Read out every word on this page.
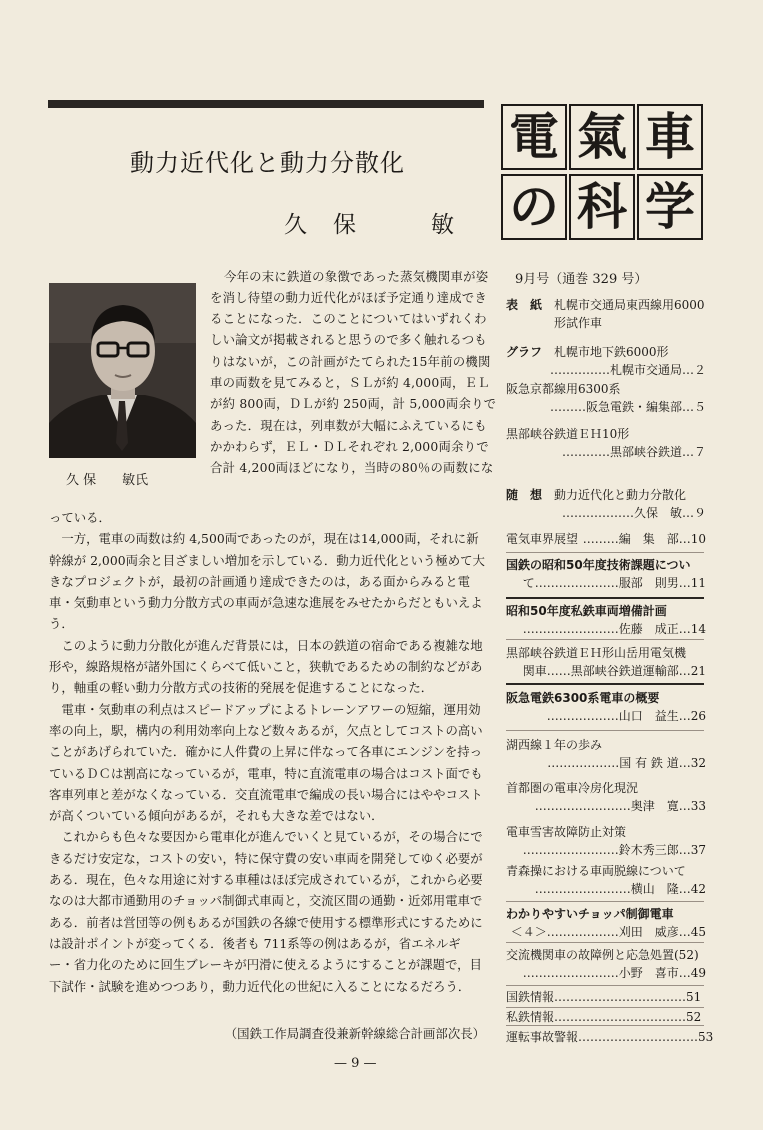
動力近代化と動力分散化
久保　敏
電 氣 車
の 科 学
久 保　　敏氏
今年の末に鉄道の象徴であった蒸気機関車が姿
を消し待望の動力近代化がほぼ予定通り達成でき
ることになった．このことについてはいずれくわ
しい論文が掲載されると思うので多く触れるつも
りはないが，この計画がたてられた15年前の機関
車の両数を見てみると，ＳＬが約 4,000両，ＥＬ
が約 800両，ＤＬが約 250両，計 5,000両余りで
あった．現在は，列車数が大幅にふえているにも
かかわらず，ＥＬ・ＤＬそれぞれ 2,000両余りで
合計 4,200両ほどになり，当時の80％の両数にな

っている．

一方，電車の両数は約 4,500両であったのが，現在は14,000両，それに新幹線が 2,000両余と目ざましい増加を示している．動力近代化という極めて大きなプロジェクトが，最初の計画通り達成できたのは，ある面からみると電車・気動車という動力分散方式の車両が急速な進展をみせたからだともいえよう．

このように動力分散化が進んだ背景には，日本の鉄道の宿命である複雑な地形や，線路規格が諸外国にくらべて低いこと，狭軌であるための制約などがあり，軸重の軽い動力分散方式の技術的発展を促進することになった．

電車・気動車の利点はスピードアップによるトレーンアワーの短縮，運用効率の向上，駅，構内の利用効率向上など数々あるが，欠点としてコストの高いことがあげられていた．確かに人件費の上昇に伴なって各車にエンジンを持っているＤＣは割高になっているが，電車，特に直流電車の場合はコスト面でも客車列車と差がなくなっている．交直流電車で編成の長い場合にはややコストが高くついている傾向があるが，それも大きな差ではない．

これからも色々な要因から電車化が進んでいくと見ているが，その場合にできるだけ安定な，コストの安い，特に保守費の安い車両を開発してゆく必要がある．現在，色々な用途に対する車種はほぼ完成されているが，これから必要なのは大都市通勤用のチョッパ制御式車両と，交流区間の通勤・近郊用電車である．前者は営団等の例もあるが国鉄の各線で使用する標準形式にするためには設計ポイントが変ってくる．後者も 711系等の例はあるが，省エネルギー・省力化のために回生ブレーキが円滑に使えるようにすることが課題で，目下試作・試験を進めつつあり，動力近代化の世紀に入ることになるだろう．

（国鉄工作局調査役兼新幹線総合計画部次長）
— 9 —
9月号（通巻 329 号）
表　紙 札幌市交通局東西線用6000
形試作車
グラフ 札幌市地下鉄6000形
……………札幌市交通局…２
阪急京都線用6300系
………阪急電鉄・編集部…５
黒部峡谷鉄道ＥＨ10形
…………黒部峡谷鉄道…７
随　想 動力近代化と動力分散化
………………久保　敏…９
電気車界展望 ………編　集　部…10
国鉄の昭和50年度技術課題につい
て…………………服部　則男…11
昭和50年度私鉄車両増備計画
……………………佐藤　成正…14
黒部峡谷鉄道ＥＨ形山岳用電気機
関車……黒部峡谷鉄道運輸部…21
阪急電鉄6300系電車の概要
………………山口　益生…26
湖西線１年の歩み
………………国 有 鉄 道…32
首都圏の電車冷房化現況
……………………奥津　寛…33
電車雪害故障防止対策
……………………鈴木秀三郎…37
青森操における車両脱線について
……………………横山　隆…42
わかりやすいチョッパ制御電車
＜４＞………………刈田　威彦…45
交流機関車の故障例と応急処置(52)
……………………小野　喜市…49
国鉄情報……………………………51
私鉄情報……………………………52
運転事故警報…………………………53
